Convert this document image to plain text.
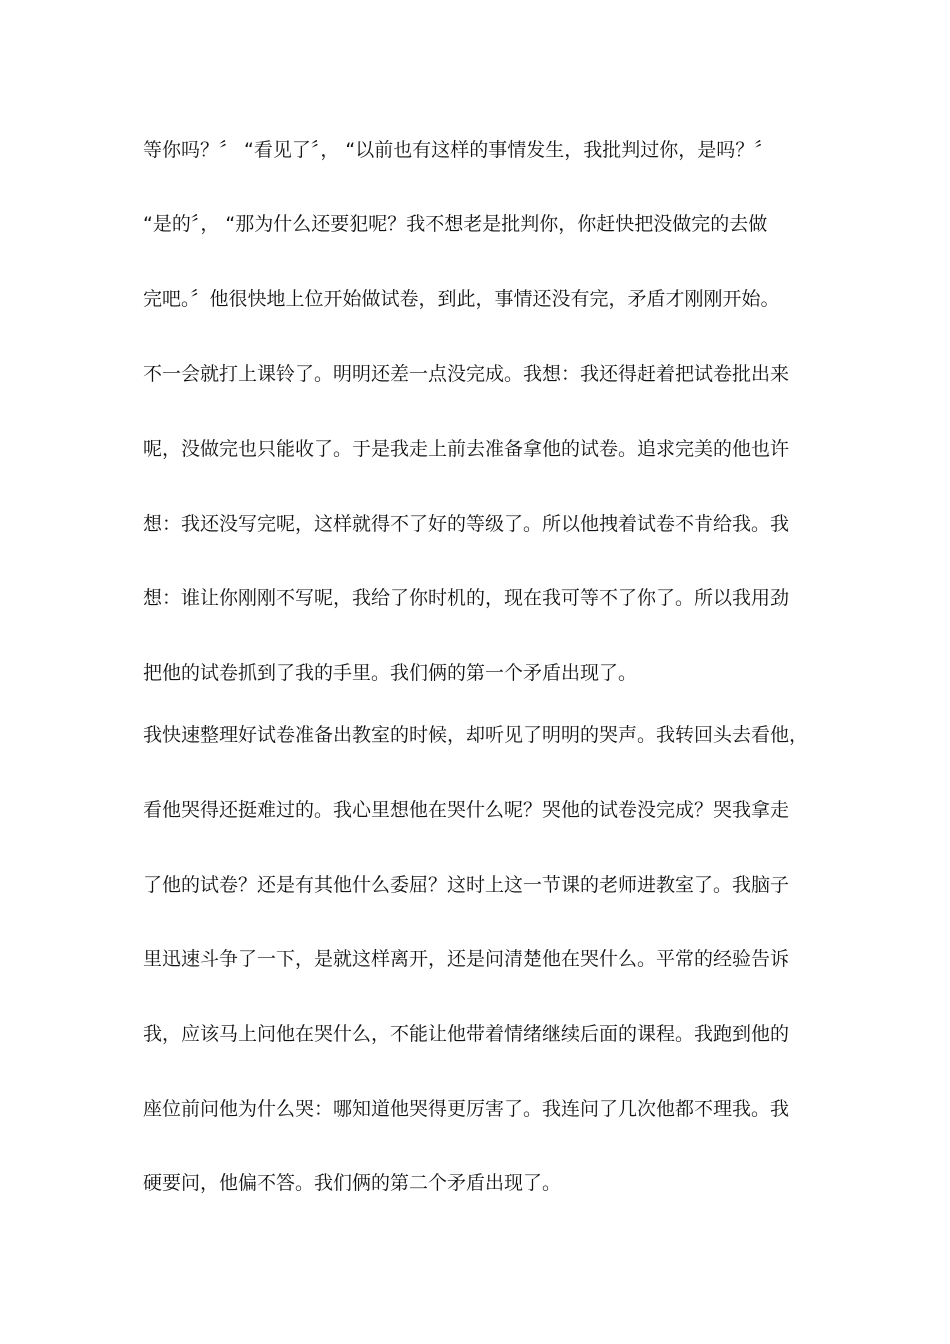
等你吗？〞 “看见了〞， “以前也有这样的事情发生，我批判过你，是吗？〞
“是的〞， “那为什么还要犯呢？我不想老是批判你，你赶快把没做完的去做
完吧。〞他很快地上位开始做试卷，到此，事情还没有完，矛盾才刚刚开始。
不一会就打上课铃了。明明还差一点没完成。我想：我还得赶着把试卷批出来
呢，没做完也只能收了。于是我走上前去准备拿他的试卷。追求完美的他也许
想：我还没写完呢，这样就得不了好的等级了。所以他拽着试卷不肯给我。我
想：谁让你刚刚不写呢，我给了你时机的，现在我可等不了你了。所以我用劲
把他的试卷抓到了我的手里。我们俩的第一个矛盾出现了。
我快速整理好试卷准备出教室的时候，却听见了明明的哭声。我转回头去看他，
看他哭得还挺难过的。我心里想他在哭什么呢？哭他的试卷没完成？哭我拿走
了他的试卷？还是有其他什么委屈？这时上这一节课的老师进教室了。我脑子
里迅速斗争了一下，是就这样离开，还是问清楚他在哭什么。平常的经验告诉
我，应该马上问他在哭什么，不能让他带着情绪继续后面的课程。我跑到他的
座位前问他为什么哭：哪知道他哭得更厉害了。我连问了几次他都不理我。我
硬要问，他偏不答。我们俩的第二个矛盾出现了。
